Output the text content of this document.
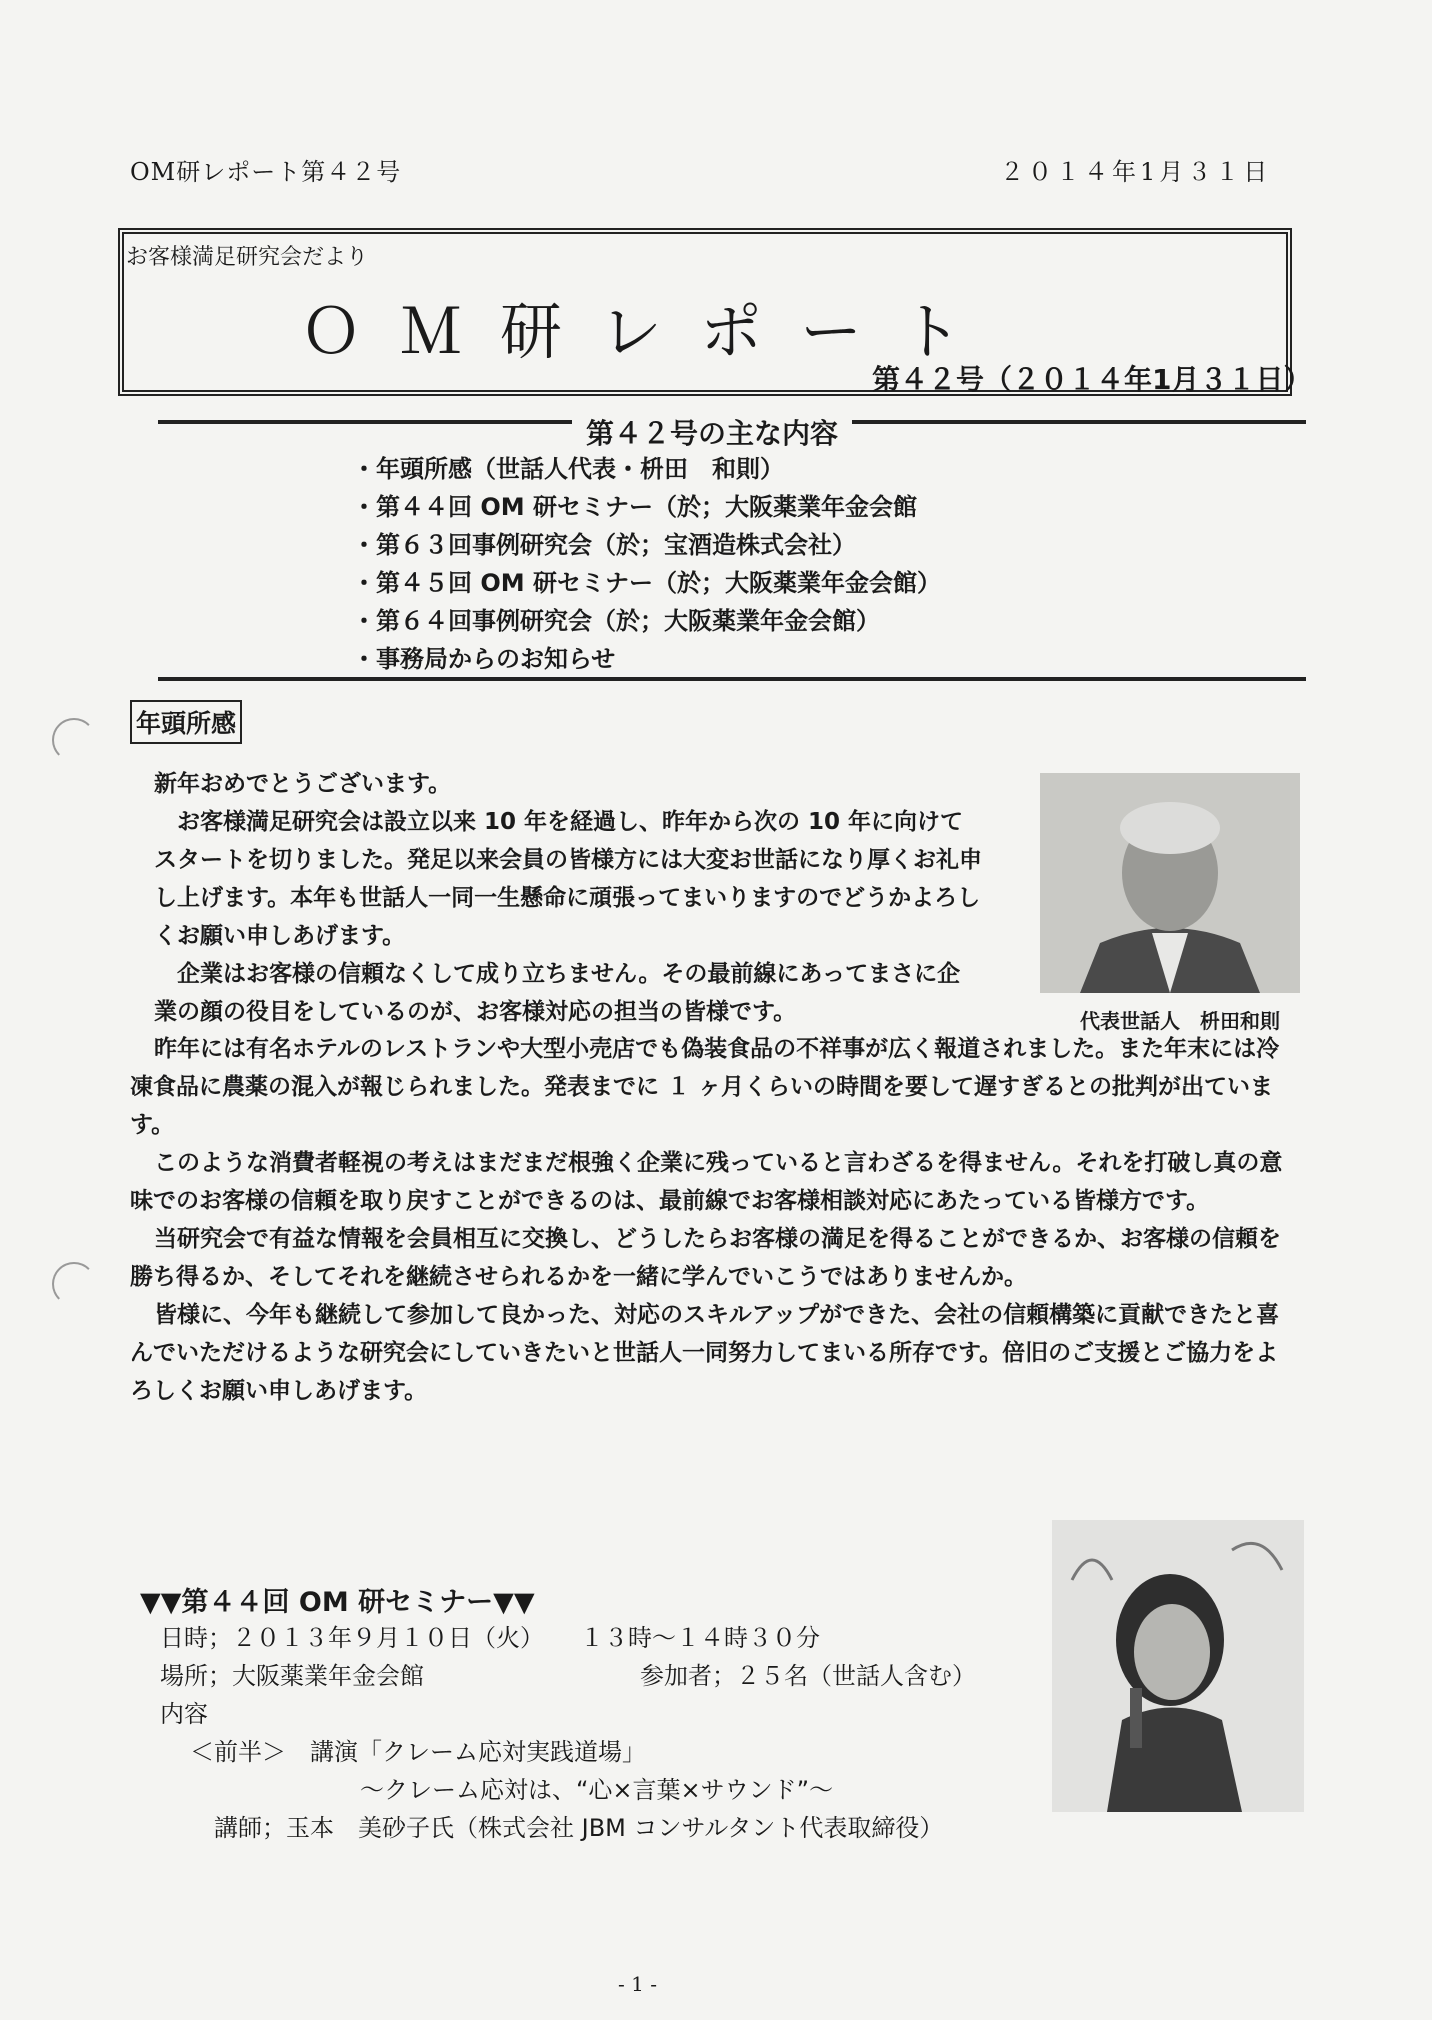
OM研レポート第４２号	２０１４年1月３１日
お客様満足研究会だより
ＯＭ研レポート
第４２号（２０１４年1月３１日）
第４２号の主な内容
・ 年頭所感（世話人代表・枡田　和則）
・ 第４４回 OM 研セミナー（於；大阪薬業年金会館
・ 第６３回事例研究会（於；宝酒造株式会社）
・ 第４５回 OM 研セミナー（於；大阪薬業年金会館）
・ 第６４回事例研究会（於；大阪薬業年金会館）
・ 事務局からのお知らせ
年頭所感

新年おめでとうございます。

　お客様満足研究会は設立以来 10 年を経過し、昨年から次の 10 年に向けて

スタートを切りました。発足以来会員の皆様方には大変お世話になり厚くお礼申

し上げます。本年も世話人一同一生懸命に頑張ってまいりますのでどうかよろし

くお願い申しあげます。

　企業はお客様の信頼なくして成り立ちません。その最前線にあってまさに企

業の顔の役目をしているのが、お客様対応の担当の皆様です。	代表世話人　枡田和則

昨年には有名ホテルのレストランや大型小売店でも偽装食品の不祥事が広く報道されました。また年末には冷凍食品に農薬の混入が報じられました。発表までに １ ヶ月くらいの時間を要して遅すぎるとの批判が出ています。

このような消費者軽視の考えはまだまだ根強く企業に残っていると言わざるを得ません。それを打破し真の意味でのお客様の信頼を取り戻すことができるのは、最前線でお客様相談対応にあたっている皆様方です。

当研究会で有益な情報を会員相互に交換し、どうしたらお客様の満足を得ることができるか、お客様の信頼を勝ち得るか、そしてそれを継続させられるかを一緒に学んでいこうではありませんか。

皆様に、今年も継続して参加して良かった、対応のスキルアップができた、会社の信頼構築に貢献できたと喜んでいただけるような研究会にしていきたいと世話人一同努力してまいる所存です。倍旧のご支援とご協力をよろしくお願い申しあげます。

▼▼第４４回 OM 研セミナー▼▼
日時；２０１３年９月１０日（火）　　１３時～１４時３０分
場所；大阪薬業年金会館	参加者；２５名（世話人含む）
内容
＜前半＞　講演「クレーム応対実践道場」
～クレーム応対は、“心×言葉×サウンド”～
講師；玉本　美砂子氏（株式会社 JBM コンサルタント代表取締役）
- 1 -
